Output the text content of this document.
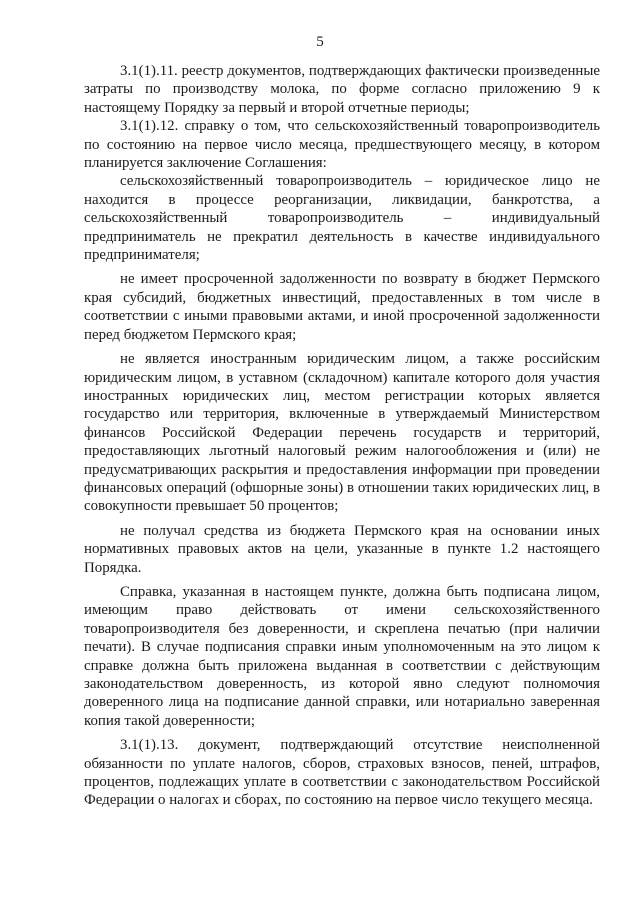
5

3.1(1).11. реестр документов, подтверждающих фактически произведенные затраты по производству молока, по форме согласно приложению 9 к настоящему Порядку за первый и второй отчетные периоды;

3.1(1).12. справку о том, что сельскохозяйственный товаропроизводитель по состоянию на первое число месяца, предшествующего месяцу, в котором планируется заключение Соглашения:

сельскохозяйственный товаропроизводитель – юридическое лицо не находится в процессе реорганизации, ликвидации, банкротства, а сельскохозяйственный товаропроизводитель – индивидуальный предприниматель не прекратил деятельность в качестве индивидуального предпринимателя;

не имеет просроченной задолженности по возврату в бюджет Пермского края субсидий, бюджетных инвестиций, предоставленных в том числе в соответствии с иными правовыми актами, и иной просроченной задолженности перед бюджетом Пермского края;

не является иностранным юридическим лицом, а также российским юридическим лицом, в уставном (складочном) капитале которого доля участия иностранных юридических лиц, местом регистрации которых является государство или территория, включенные в утверждаемый Министерством финансов Российской Федерации перечень государств и территорий, предоставляющих льготный налоговый режим налогообложения и (или) не предусматривающих раскрытия и предоставления информации при проведении финансовых операций (офшорные зоны) в отношении таких юридических лиц, в совокупности превышает 50 процентов;

не получал средства из бюджета Пермского края на основании иных нормативных правовых актов на цели, указанные в пункте 1.2 настоящего Порядка.

Справка, указанная в настоящем пункте, должна быть подписана лицом, имеющим право действовать от имени сельскохозяйственного товаропроизводителя без доверенности, и скреплена печатью (при наличии печати). В случае подписания справки иным уполномоченным на это лицом к справке должна быть приложена выданная в соответствии с действующим законодательством доверенность, из которой явно следуют полномочия доверенного лица на подписание данной справки, или нотариально заверенная копия такой доверенности;

3.1(1).13. документ, подтверждающий отсутствие неисполненной обязанности по уплате налогов, сборов, страховых взносов, пеней, штрафов, процентов, подлежащих уплате в соответствии с законодательством Российской Федерации о налогах и сборах, по состоянию на первое число текущего месяца.
